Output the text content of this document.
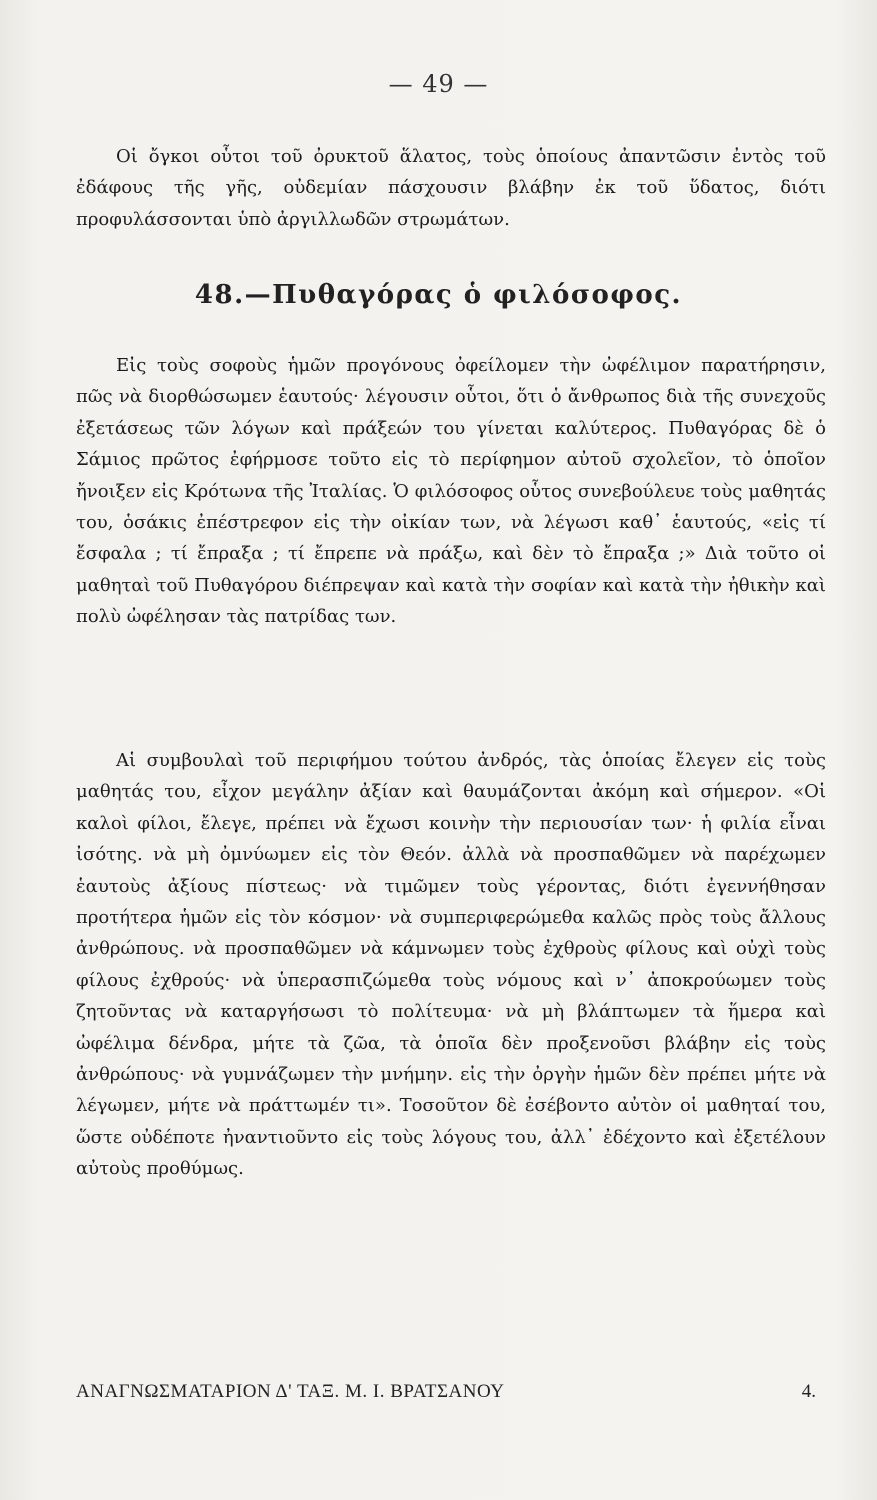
— 49 —

Οἱ ὄγκοι οὗτοι τοῦ ὀρυκτοῦ ἅλατος, τοὺς ὁποίους ἀπαντῶσιν ἐντὸς τοῦ ἐδάφους τῆς γῆς, οὐδεμίαν πάσχουσιν βλάβην ἐκ τοῦ ὕδατος, διότι προφυλάσσονται ὑπὸ ἀργιλλωδῶν στρωμάτων.

48.—Πυθαγόρας ὁ φιλόσοφος.

Εἰς τοὺς σοφοὺς ἡμῶν προγόνους ὀφείλομεν τὴν ὠφέλιμον παρατήρησιν, πῶς νὰ διορθώσωμεν ἑαυτούς· λέγουσιν οὗτοι, ὅτι ὁ ἄνθρωπος διὰ τῆς συνεχοῦς ἐξετάσεως τῶν λόγων καὶ πράξεών του γίνεται καλύτερος. Πυθαγόρας δὲ ὁ Σάμιος πρῶτος ἐφήρμοσε τοῦτο εἰς τὸ περίφημον αὐτοῦ σχολεῖον, τὸ ὁποῖον ἤνοιξεν εἰς Κρότωνα τῆς Ἰταλίας. Ὁ φιλόσοφος οὗτος συνεβούλευε τοὺς μαθητάς του, ὁσάκις ἐπέστρεφον εἰς τὴν οἰκίαν των, νὰ λέγωσι καθ᾿ ἑαυτούς, «εἰς τί ἔσφαλα ; τί ἔπραξα ; τί ἔπρεπε νὰ πράξω, καὶ δὲν τὸ ἔπραξα ;» Διὰ τοῦτο οἱ μαθηταὶ τοῦ Πυθαγόρου διέπρεψαν καὶ κατὰ τὴν σοφίαν καὶ κατὰ τὴν ἠθικὴν καὶ πολὺ ὠφέλησαν τὰς πατρίδας των.

Αἱ συμβουλαὶ τοῦ περιφήμου τούτου ἀνδρός, τὰς ὁποίας ἔλεγεν εἰς τοὺς μαθητάς του, εἶχον μεγάλην ἀξίαν καὶ θαυμάζονται ἀκόμη καὶ σήμερον. «Οἱ καλοὶ φίλοι, ἔλεγε, πρέπει νὰ ἔχωσι κοινὴν τὴν περιουσίαν των· ἡ φιλία εἶναι ἰσότης. νὰ μὴ ὀμνύωμεν εἰς τὸν Θεόν. ἀλλὰ νὰ προσπαθῶμεν νὰ παρέχωμεν ἑαυτοὺς ἀξίους πίστεως· νὰ τιμῶμεν τοὺς γέροντας, διότι ἐγεννήθησαν προτήτερα ἡμῶν εἰς τὸν κόσμον· νὰ συμπεριφερώμεθα καλῶς πρὸς τοὺς ἄλλους ἀνθρώπους. νὰ προσπαθῶμεν νὰ κάμνωμεν τοὺς ἐχθροὺς φίλους καὶ οὐχὶ τοὺς φίλους ἐχθρούς· νὰ ὑπερασπιζώμεθα τοὺς νόμους καὶ ν᾿ ἀποκρούωμεν τοὺς ζητοῦντας νὰ καταργήσωσι τὸ πολίτευμα· νὰ μὴ βλάπτωμεν τὰ ἥμερα καὶ ὠφέλιμα δένδρα, μήτε τὰ ζῶα, τὰ ὁποῖα δὲν προξενοῦσι βλάβην εἰς τοὺς ἀνθρώπους· νὰ γυμνάζωμεν τὴν μνήμην. εἰς τὴν ὀργὴν ἡμῶν δὲν πρέπει μήτε νὰ λέγωμεν, μήτε νὰ πράττωμέν τι». Τοσοῦτον δὲ ἐσέβοντο αὐτὸν οἱ μαθηταί του, ὥστε οὐδέποτε ἠναντιοῦντο εἰς τοὺς λόγους του, ἀλλ᾿ ἐδέχοντο καὶ ἐξετέλουν αὐτοὺς προθύμως.

ΑΝΑΓΝΩΣΜΑΤΑΡΙΟΝ Δ' ΤΑΞ. Μ. Ι. ΒΡΑΤΣΑΝΟΥ	4.
